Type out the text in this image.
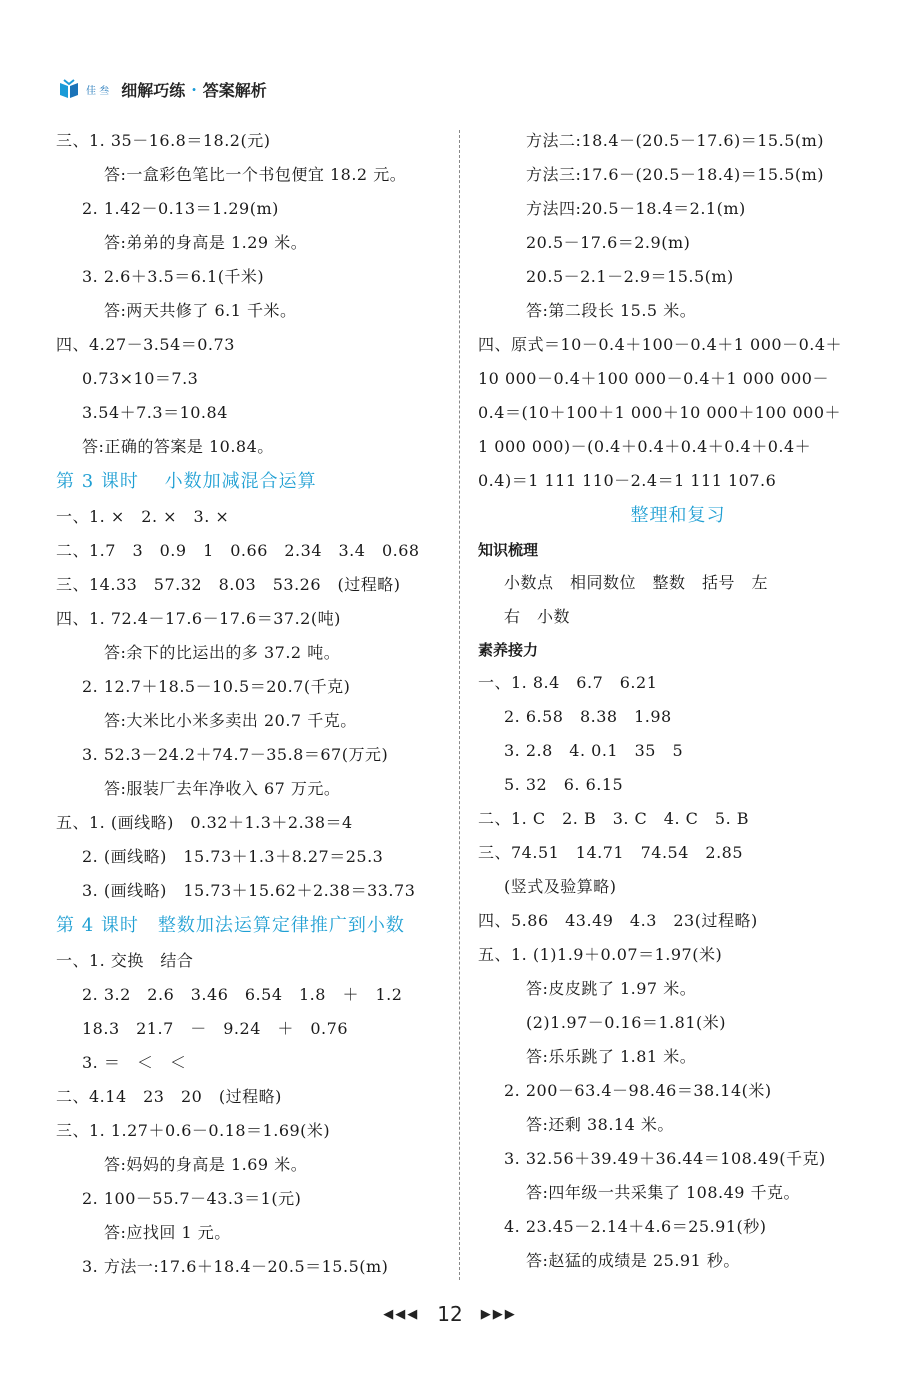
佳 叁 细解巧练 · 答案解析
三、1. 35－16.8＝18.2(元)
答:一盒彩色笔比一个书包便宜 18.2 元。
2. 1.42－0.13＝1.29(m)
答:弟弟的身高是 1.29 米。
3. 2.6＋3.5＝6.1(千米)
答:两天共修了 6.1 千米。
四、4.27－3.54＝0.73
0.73×10＝7.3
3.54＋7.3＝10.84
答:正确的答案是 10.84。
第 3 课时　 小数加减混合运算
一、1. ×　2. ×　3. ×
二、1.7　3　0.9　1　0.66　2.34　3.4　0.68
三、14.33　57.32　8.03　53.26　(过程略)
四、1. 72.4－17.6－17.6＝37.2(吨)
答:余下的比运出的多 37.2 吨。
2. 12.7＋18.5－10.5＝20.7(千克)
答:大米比小米多卖出 20.7 千克。
3. 52.3－24.2＋74.7－35.8＝67(万元)
答:服装厂去年净收入 67 万元。
五、1. (画线略)　0.32＋1.3＋2.38＝4
2. (画线略)　15.73＋1.3＋8.27＝25.3
3. (画线略)　15.73＋15.62＋2.38＝33.73
第 4 课时　整数加法运算定律推广到小数
一、1. 交换　结合
2. 3.2　2.6　3.46　6.54　1.8　＋　1.2
18.3　21.7　－　9.24　＋　0.76
3. ＝　＜　＜
二、4.14　23　20　(过程略)
三、1. 1.27＋0.6－0.18＝1.69(米)
答:妈妈的身高是 1.69 米。
2. 100－55.7－43.3＝1(元)
答:应找回 1 元。
3. 方法一:17.6＋18.4－20.5＝15.5(m)
方法二:18.4－(20.5－17.6)＝15.5(m)
方法三:17.6－(20.5－18.4)＝15.5(m)
方法四:20.5－18.4＝2.1(m)
20.5－17.6＝2.9(m)
20.5－2.1－2.9＝15.5(m)
答:第二段长 15.5 米。
四、原式＝10－0.4＋100－0.4＋1 000－0.4＋
10 000－0.4＋100 000－0.4＋1 000 000－
0.4＝(10＋100＋1 000＋10 000＋100 000＋
1 000 000)－(0.4＋0.4＋0.4＋0.4＋0.4＋
0.4)＝1 111 110－2.4＝1 111 107.6
整理和复习
知识梳理
小数点　相同数位　整数　括号　左
右　小数
素养接力
一、1. 8.4　6.7　6.21
2. 6.58　8.38　1.98
3. 2.8　4. 0.1　35　5
5. 32　6. 6.15
二、1. C　2. B　3. C　4. C　5. B
三、74.51　14.71　74.54　2.85
(竖式及验算略)
四、5.86　43.49　4.3　23(过程略)
五、1. (1)1.9＋0.07＝1.97(米)
答:皮皮跳了 1.97 米。
(2)1.97－0.16＝1.81(米)
答:乐乐跳了 1.81 米。
2. 200－63.4－98.46＝38.14(米)
答:还剩 38.14 米。
3. 32.56＋39.49＋36.44＝108.49(千克)
答:四年级一共采集了 108.49 千克。
4. 23.45－2.14＋4.6＝25.91(秒)
答:赵猛的成绩是 25.91 秒。
◀◀◀ 12 ▶▶▶
